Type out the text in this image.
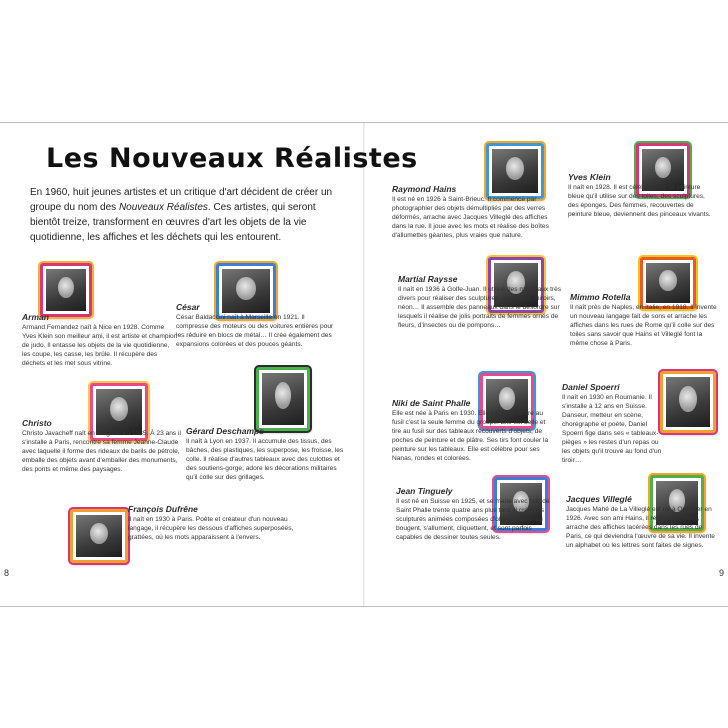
Les Nouveaux Réalistes
En 1960, huit jeunes artistes et un critique d'art décident de créer un groupe du nom des Nouveaux Réalistes. Ces artistes, qui seront bientôt treize, transforment en œuvres d'art les objets de la vie quotidienne, les affiches et les déchets qui les entourent.
Arman
Armand Fernandez naît à Nice en 1928. Comme Yves Klein son meilleur ami, il est artiste et champion de judo. Il entasse les objets de la vie quotidienne, les coupe, les casse, les brûle. Il récupère des déchets et les met sous vitrine.
César
César Baldaccini naît à Marseille en 1921. Il compresse des moteurs ou des voitures entières pour les réduire en blocs de métal… Il crée également des expansions colorées et des pouces géants.
Christo
Christo Javacheff naît en Bulgarie en 1935. À 23 ans il s'installe à Paris, rencontre sa femme Jeanne-Claude avec laquelle il forme des rideaux de barils de pétrole, emballe des objets avant d'emballer des monuments, des ponts et même des paysages.
Gérard Deschamps
Il naît à Lyon en 1937. Il accumule des tissus, des bâches, des plastiques, les superpose, les froisse, les colle. Il réalise d'autres tableaux avec des culottes et des soutiens-gorge, adore les décorations militaires qu'il colle sur des grillages.
François Dufrêne
Il naît en 1930 à Paris. Poète et créateur d'un nouveau langage, il récupère les dessous d'affiches superposées, grattées, où les mots apparaissent à l'envers.
8
Raymond Hains
Il est né en 1926 à Saint-Brieuc. Il commence par photographier des objets démultipliés par des verres déformés, arrache avec Jacques Villeglé des affiches dans la rue. Il joue avec les mots et réalise des boîtes d'allumettes géantes, plus vraies que nature.
Yves Klein
Il naît en 1928. Il est célèbre pour sa peinture bleue qu'il utilise sur des toiles, des sculptures, des éponges. Des femmes, recouvertes de peinture bleue, deviennent des pinceaux vivants.
Martial Raysse
Il naît en 1936 à Golfe-Juan. Il utilise des matériaux très divers pour réaliser des sculptures : plastique, miroirs, néon… Il assemble des panneaux dans le désordre sur lesquels il réalise de jolis portraits de femmes ornés de fleurs, d'insectes ou de pompons…
Mimmo Rotella
Il naît près de Naples, en Italie, en 1918. Il invente un nouveau langage fait de sons et arrache les affiches dans les rues de Rome qu'il colle sur des toiles sans savoir que Hains et Villeglé font la même chose à Paris.
Niki de Saint Phalle
Elle est née à Paris en 1930. Elle est belle et tire au fusil c'est la seule femme du groupe. Elle est belle et tire au fusil sur des tableaux recouverts d'objets, de poches de peinture et de plâtre. Ses tirs font couler la peinture sur les tableaux. Elle est célèbre pour ses Nanas, rondes et colorées.
Daniel Spoerri
Il naît en 1930 en Roumanie. Il s'installe à 12 ans en Suisse. Danseur, metteur en scène, chorégraphe et poète, Daniel Spoerri fige dans ses « tableaux-pièges » les restes d'un repas ou les objets qu'il trouve au fond d'un tiroir…
Jean Tinguely
Il est né en Suisse en 1925, et se marie avec Niki de Saint Phalle trente quatre ans plus tard. Il crée des sculptures animées composées d'objets divers qui bougent, s'allument, cliquettent, et sont parfois capables de dessiner toutes seules.
Jacques Villeglé
Jacques Mahé de La Villeglé est né à Quimper en 1926. Avec son ami Hains, il réalise ses films, arrache des affiches lacérées dans les rues de Paris, ce qui deviendra l'œuvre de sa vie. Il invente un alphabet où les lettres sont faites de signes.
9
